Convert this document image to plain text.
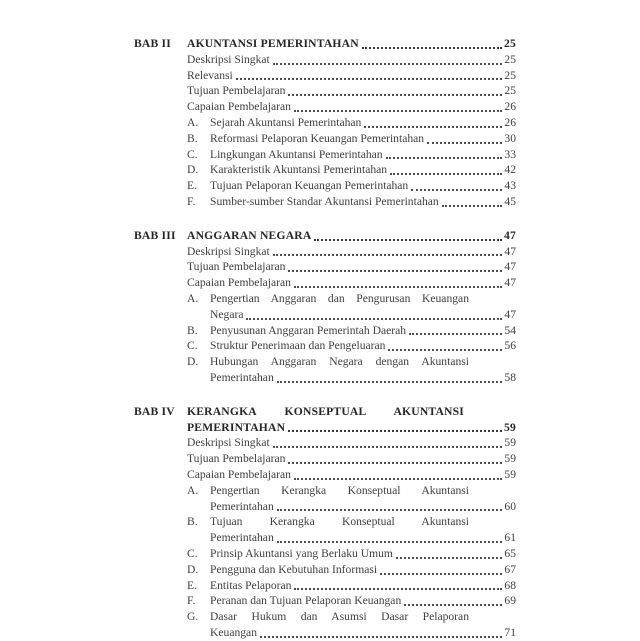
BAB II	AKUNTANSI PEMERINTAHAN	25
Deskripsi Singkat	25
Relevansi	25
Tujuan Pembelajaran	25
Capaian Pembelajaran	26
A.	Sejarah Akuntansi Pemerintahan	26
B.	Reformasi Pelaporan Keuangan Pemerintahan	30
C.	Lingkungan Akuntansi Pemerintahan	33
D.	Karakteristik Akuntansi Pemerintahan	42
E.	Tujuan Pelaporan Keuangan Pemerintahan	43
F.	Sumber-sumber Standar Akuntansi Pemerintahan	45
BAB III ANGGARAN NEGARA	47
Deskripsi Singkat	47
Tujuan Pembelajaran	47
Capaian Pembelajaran	47
A.	Pengertian Anggaran dan Pengurusan Keuangan
Negara	47
B.	Penyusunan Anggaran Pemerintah Daerah	54
C.	Struktur Penerimaan dan Pengeluaran	56
D.	Hubungan Anggaran Negara dengan Akuntansi
Pemerintahan	58
BAB IV	KERANGKA KONSEPTUAL AKUNTANSI
PEMERINTAHAN	59
Deskripsi Singkat	59
Tujuan Pembelajaran	59
Capaian Pembelajaran	59
A.	Pengertian Kerangka Konseptual Akuntansi
Pemerintahan	60
B.	Tujuan Kerangka Konseptual Akuntansi
Pemerintahan	61
C.	Prinsip Akuntansi yang Berlaku Umum	65
D.	Pengguna dan Kebutuhan Informasi	67
E.	Entitas Pelaporan	68
F.	Peranan dan Tujuan Pelaporan Keuangan	69
G.	Dasar Hukum dan Asumsi Dasar Pelaporan
Keuangan	71
